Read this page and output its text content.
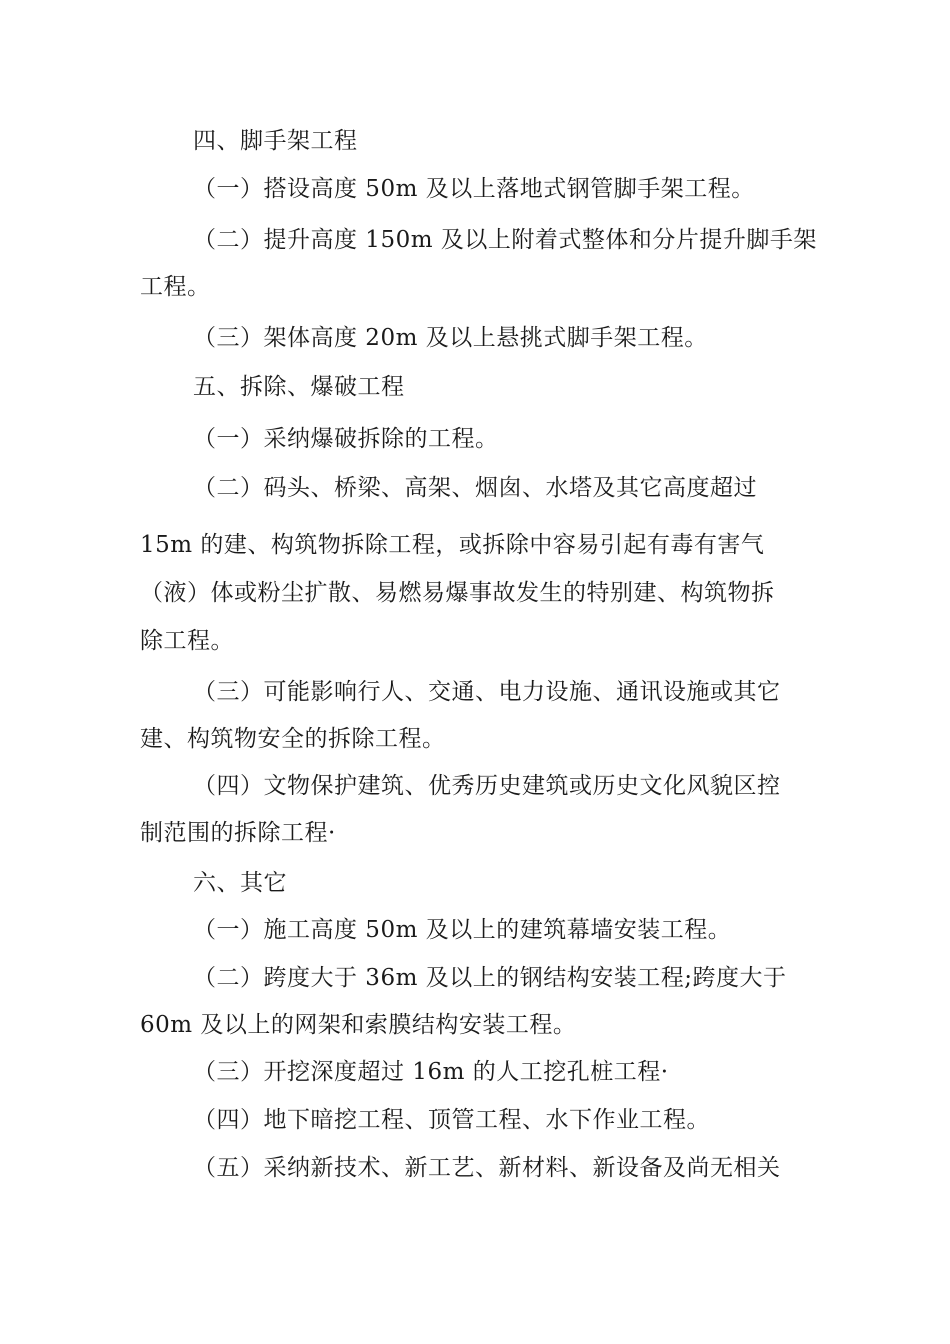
四、脚手架工程
（一）搭设高度 50m 及以上落地式钢管脚手架工程。
（二）提升高度 150m 及以上附着式整体和分片提升脚手架
工程。
（三）架体高度 20m 及以上悬挑式脚手架工程。
五、拆除、爆破工程
（一）采纳爆破拆除的工程。
（二）码头、桥梁、高架、烟囱、水塔及其它高度超过
15m 的建、构筑物拆除工程，或拆除中容易引起有毒有害气
（液）体或粉尘扩散、易燃易爆事故发生的特别建、构筑物拆
除工程。
（三）可能影响行人、交通、电力设施、通讯设施或其它
建、构筑物安全的拆除工程。
（四）文物保护建筑、优秀历史建筑或历史文化风貌区控
制范围的拆除工程·
六、其它
（一）施工高度 50m 及以上的建筑幕墙安装工程。
（二）跨度大于 36m 及以上的钢结构安装工程;跨度大于
60m 及以上的网架和索膜结构安装工程。
（三）开挖深度超过 16m 的人工挖孔桩工程·
（四）地下暗挖工程、顶管工程、水下作业工程。
（五）采纳新技术、新工艺、新材料、新设备及尚无相关
